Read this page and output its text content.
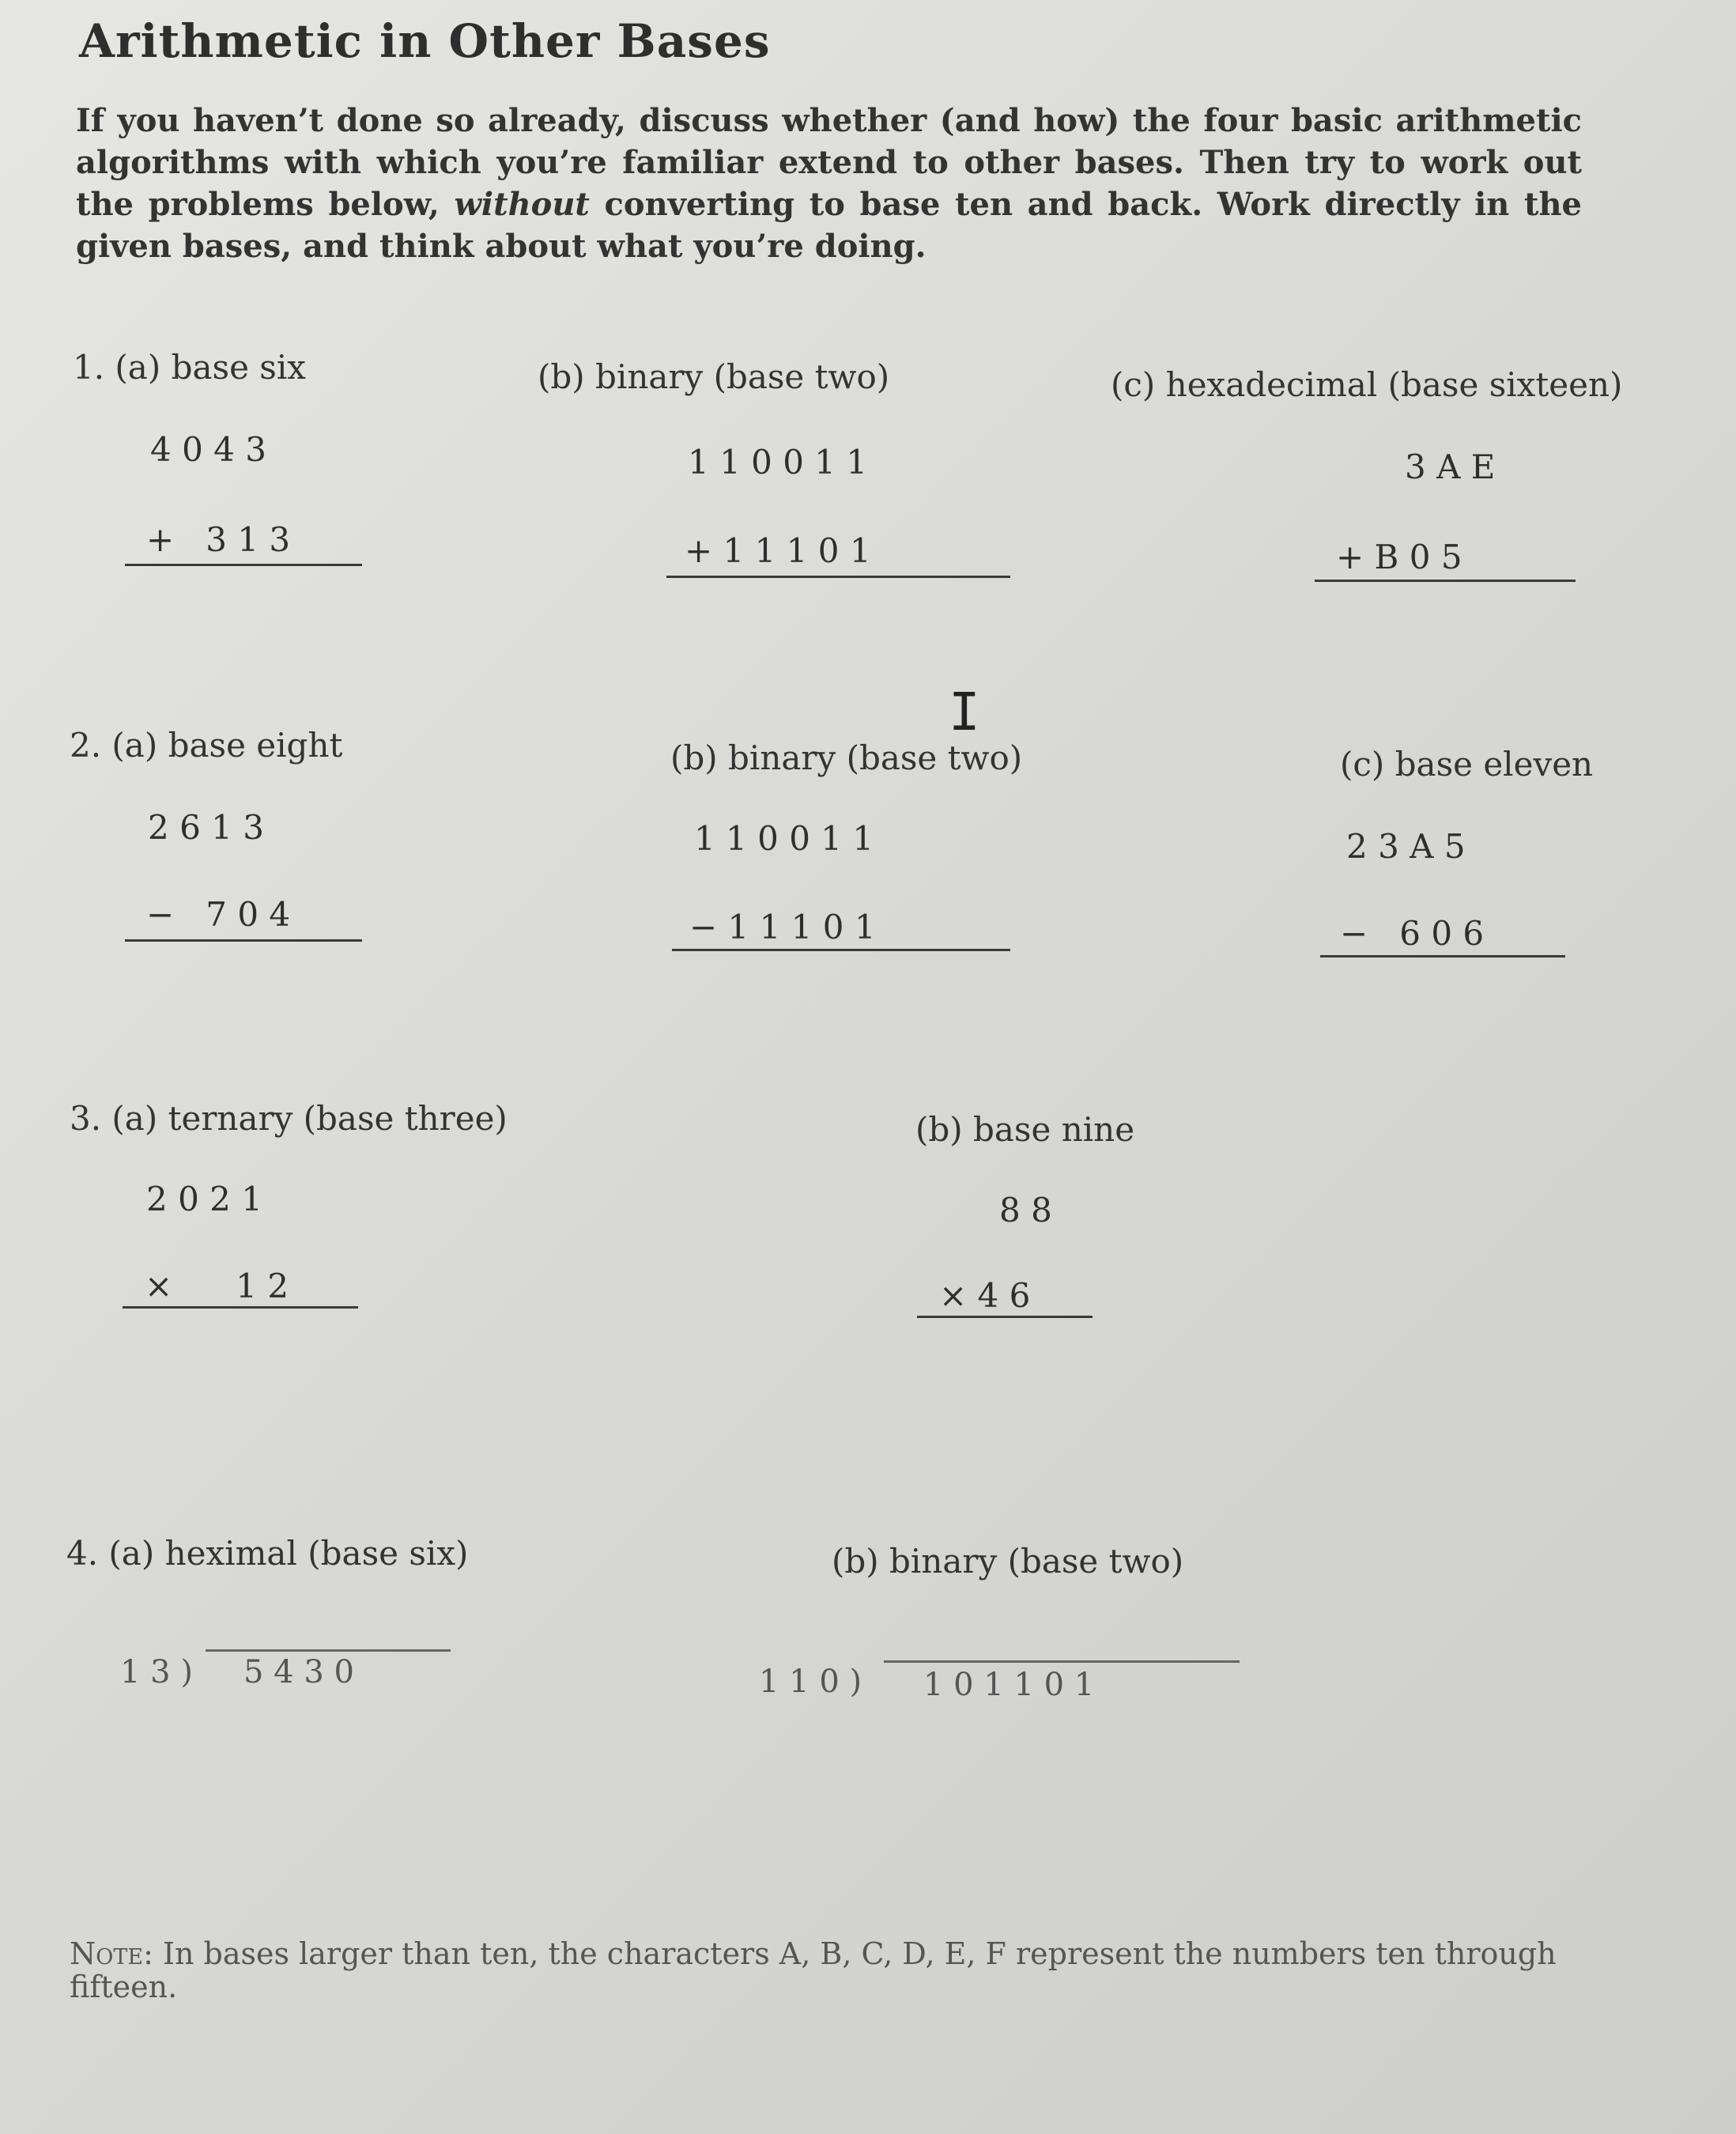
Arithmetic in Other Bases
If you haven’t done so already, discuss whether (and how) the four basic arithmetic algorithms with which you’re familiar extend to other bases. Then try to work out the problems below, without converting to base ten and back. Work directly in the given bases, and think about what you’re doing.
1. (a) base six
4 0 4 3
+   3 1 3
(b) binary (base two)
1 1 0 0 1 1
+ 1 1 1 0 1
(c) hexadecimal (base sixteen)
3 A E
+ B 0 5
I
2. (a) base eight
2 6 1 3
−   7 0 4
(b) binary (base two)
1 1 0 0 1 1
− 1 1 1 0 1
(c) base eleven
2 3 A 5
−   6 0 6
3. (a) ternary (base three)
2 0 2 1
×      1 2
(b) base nine
8 8
× 4 6
4. (a) heximal (base six)
1 3 ) 5 4 3 0
(b) binary (base two)
1 1 0 ) 1 0 1 1 0 1
Note: In bases larger than ten, the characters A, B, C, D, E, F represent the numbers ten through fifteen.
